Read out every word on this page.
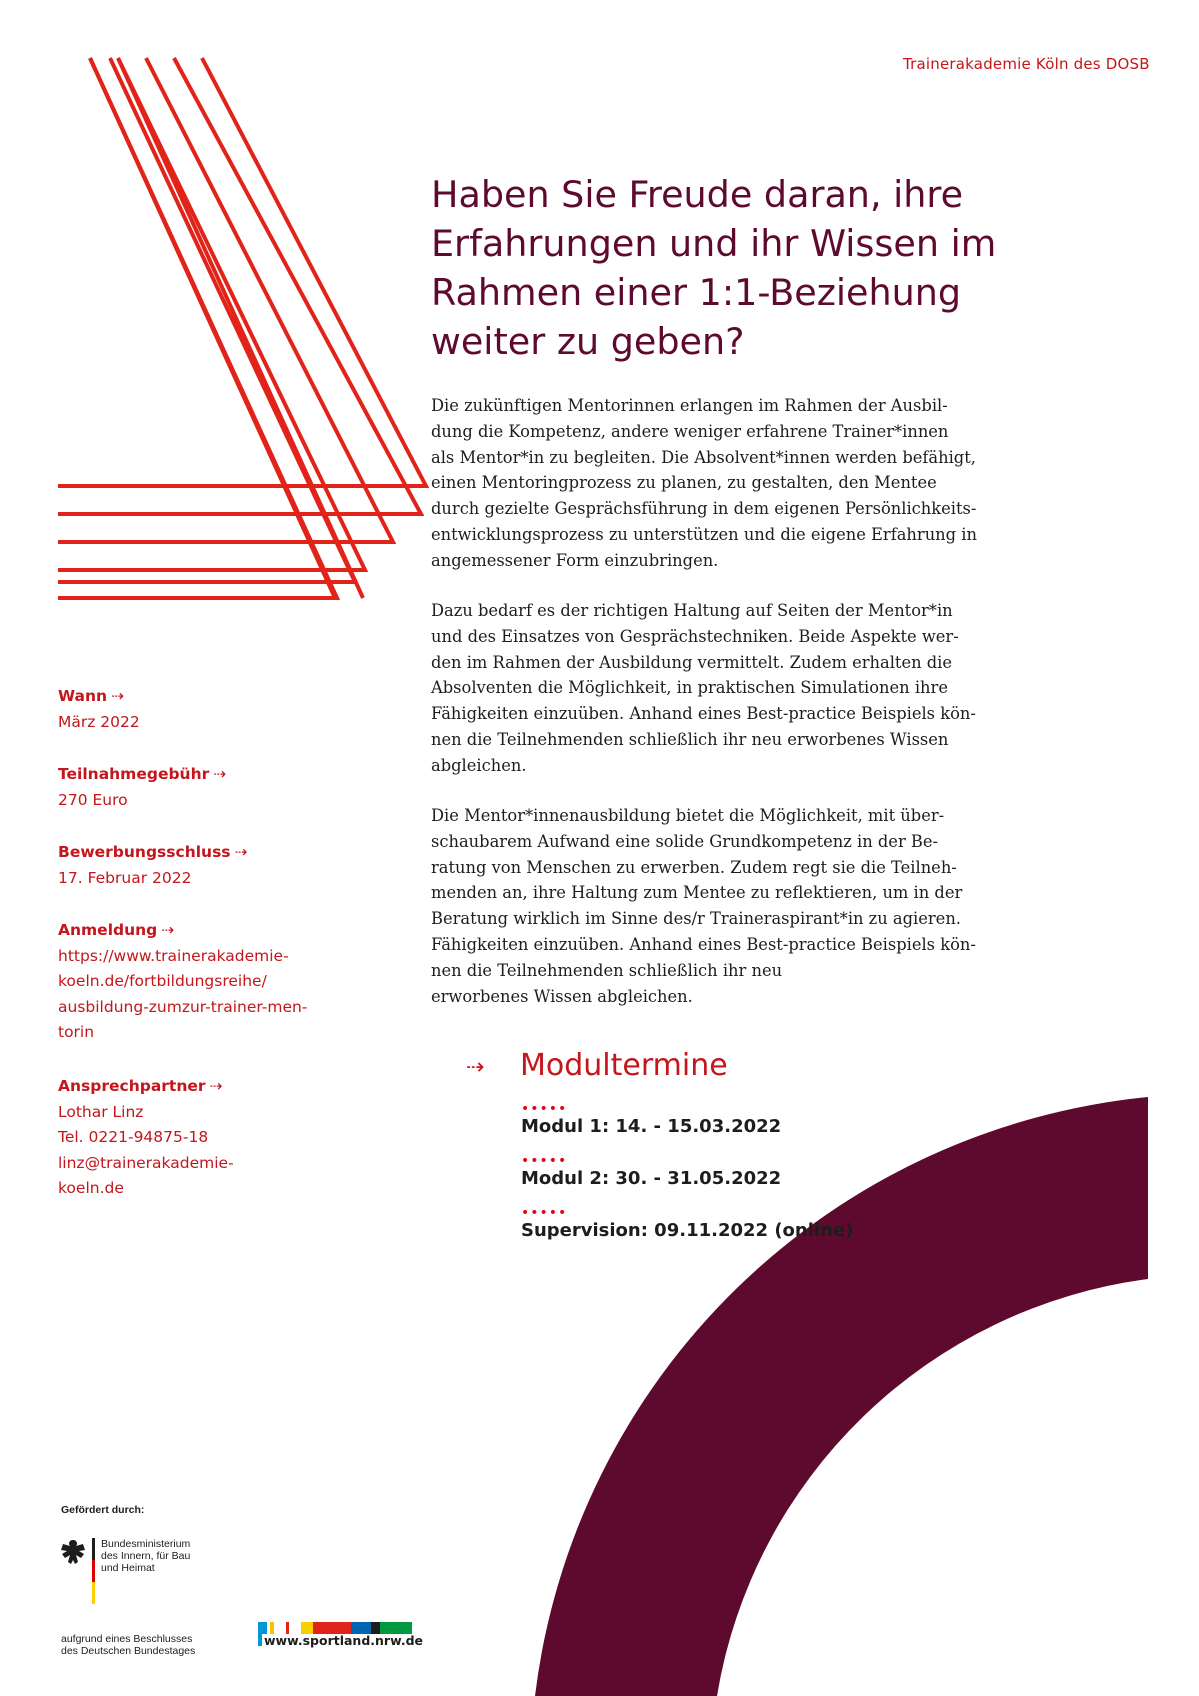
Trainerakademie Köln des DOSB
Haben Sie Freude daran, ihre
Erfahrungen und ihr Wissen im
Rahmen einer 1:1-Beziehung
weiter zu geben?
Die zukünftigen Mentorinnen erlangen im Rahmen der Ausbil-
dung die Kompetenz, andere weniger erfahrene Trainer*innen
als Mentor*in zu begleiten. Die Absolvent*innen werden befähigt,
einen Mentoringprozess zu planen, zu gestalten, den Mentee
durch gezielte Gesprächsführung in dem eigenen Persönlichkeits-
entwicklungsprozess zu unterstützen und die eigene Erfahrung in
angemessener Form einzubringen.
Dazu bedarf es der richtigen Haltung auf Seiten der Mentor*in
und des Einsatzes von Gesprächstechniken. Beide Aspekte wer-
den im Rahmen der Ausbildung vermittelt. Zudem erhalten die
Absolventen die Möglichkeit, in praktischen Simulationen ihre
Fähigkeiten einzuüben. Anhand eines Best-practice Beispiels kön-
nen die Teilnehmenden schließlich ihr neu erworbenes Wissen
abgleichen.
Die Mentor*innenausbildung bietet die Möglichkeit, mit über-
schaubarem Aufwand eine solide Grundkompetenz in der Be-
ratung von Menschen zu erwerben. Zudem regt sie die Teilneh-
menden an, ihre Haltung zum Mentee zu reflektieren, um in der
Beratung wirklich im Sinne des/r Traineraspirant*in zu agieren.
Fähigkeiten einzuüben. Anhand eines Best-practice Beispiels kön-
nen die Teilnehmenden schließlich ihr neu
erworbenes Wissen abgleichen.
Wann ⇢
März 2022
Teilnahmegebühr ⇢
270 Euro
Bewerbungsschluss ⇢
17. Februar 2022
Anmeldung ⇢
https://www.trainerakademie-
koeln.de/fortbildungsreihe/
ausbildung-zumzur-trainer-men-
torin
Ansprechpartner ⇢
Lothar Linz
Tel. 0221-94875-18
linz@trainerakademie-
koeln.de
⇢ Modultermine
•••••
Modul 1: 14. - 15.03.2022
•••••
Modul 2: 30. - 31.05.2022
•••••
Supervision: 09.11.2022 (online)
Gefördert durch:
Bundesministerium
des Innern, für Bau
und Heimat
aufgrund eines Beschlusses
des Deutschen Bundestages
www.sportland.nrw.de
